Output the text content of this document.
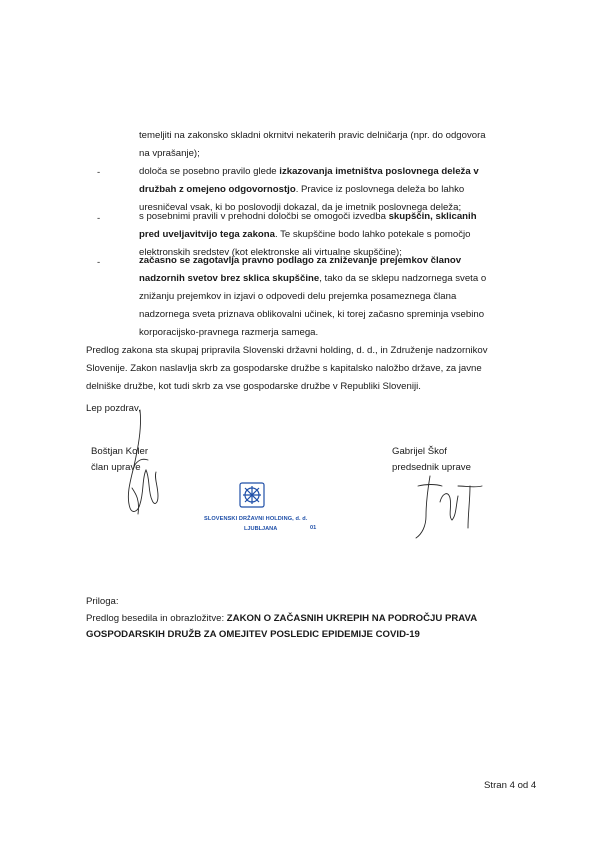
temeljiti na zakonsko skladni okrnitvi nekaterih pravic delničarja (npr. do odgovora
na vprašanje);
-	določa se posebno pravilo glede izkazovanja imetništva poslovnega deleža v
družbah z omejeno odgovornostjo. Pravice iz poslovnega deleža bo lahko
uresničeval vsak, ki bo poslovodji dokazal, da je imetnik poslovnega deleža;
-	s posebnimi pravili v prehodni določbi se omogoči izvedba skupščin, sklicanih
pred uveljavitvijo tega zakona. Te skupščine bodo lahko potekale s pomočjo
elektronskih sredstev (kot elektronske ali virtualne skupščine);
-	začasno se zagotavlja pravno podlago za zniževanje prejemkov članov
nadzornih svetov brez sklica skupščine, tako da se sklepu nadzornega sveta o
znižanju prejemkov in izjavi o odpovedi delu prejemka posameznega člana
nadzornega sveta priznava oblikovalni učinek, ki torej začasno spreminja vsebino
korporacijsko-pravnega razmerja samega.
Predlog zakona sta skupaj pripravila Slovenski državni holding, d. d., in Združenje nadzornikov
Slovenije. Zakon naslavlja skrb za gospodarske družbe s kapitalsko naložbo države, za javne
delniške družbe, kot tudi skrb za vse gospodarske družbe v Republiki Sloveniji.
Lep pozdrav,
Boštjan Koler
član uprave
Gabrijel Škof
predsednik uprave
SLOVENSKI DRŽAVNI HOLDING, d. d.
LJUBLJANA	01
Priloga:
Predlog besedila in obrazložitve: ZAKON O ZAČASNIH UKREPIH NA PODROČJU PRAVA
GOSPODARSKIH DRUŽB ZA OMEJITEV POSLEDIC EPIDEMIJE COVID-19
Stran 4 od 4
